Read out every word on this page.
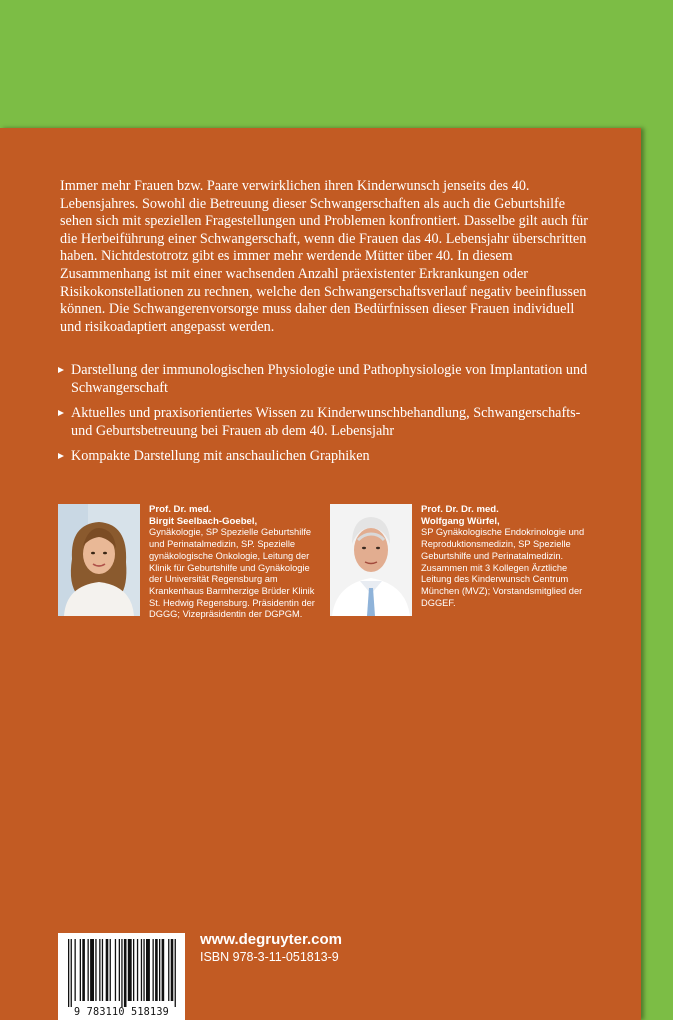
Immer mehr Frauen bzw. Paare verwirklichen ihren Kinderwunsch jenseits des 40. Lebensjahres. Sowohl die Betreuung dieser Schwangerschaften als auch die Geburtshilfe sehen sich mit speziellen Fragestellungen und Problemen konfrontiert. Dasselbe gilt auch für die Herbeiführung einer Schwangerschaft, wenn die Frauen das 40. Lebensjahr überschritten haben. Nichtdestotrotz gibt es immer mehr werdende Mütter über 40. In diesem Zusammenhang ist mit einer wachsenden Anzahl präexistenter Erkrankungen oder Risikokonstellationen zu rechnen, welche den Schwangerschaftsverlauf negativ beeinflussen können. Die Schwangerenvorsorge muss daher den Bedürfnissen dieser Frauen individuell und risikoadaptiert angepasst werden.

Darstellung der immunologischen Physiologie und Pathophysiologie von Implantation und Schwangerschaft
Aktuelles und praxisorientiertes Wissen zu Kinderwunschbehandlung, Schwangerschafts- und Geburtsbetreuung bei Frauen ab dem 40. Lebensjahr
Kompakte Darstellung mit anschaulichen Graphiken
Prof. Dr. med.
Birgit Seelbach-Goebel,
Gynäkologie, SP Spezielle Geburtshilfe und Perinatalmedizin, SP. Spezielle gynäkologische Onkologie, Leitung der Klinik für Geburtshilfe und Gynäkologie der Universität Regensburg am Krankenhaus Barmherzige Brüder Klinik St. Hedwig Regensburg. Präsidentin der DGGG; Vizepräsidentin der DGPGM.
Prof. Dr. Dr. med.
Wolfgang Würfel,
SP Gynäkologische Endokrinologie und Reproduktionsmedizin, SP Spezielle Geburtshilfe und Perinatalmedizin. Zusammen mit 3 Kollegen Ärztliche Leitung des Kinderwunsch Centrum München (MVZ); Vorstandsmitglied der DGGEF.
9 783110 518139
www.degruyter.com
ISBN 978-3-11-051813-9
